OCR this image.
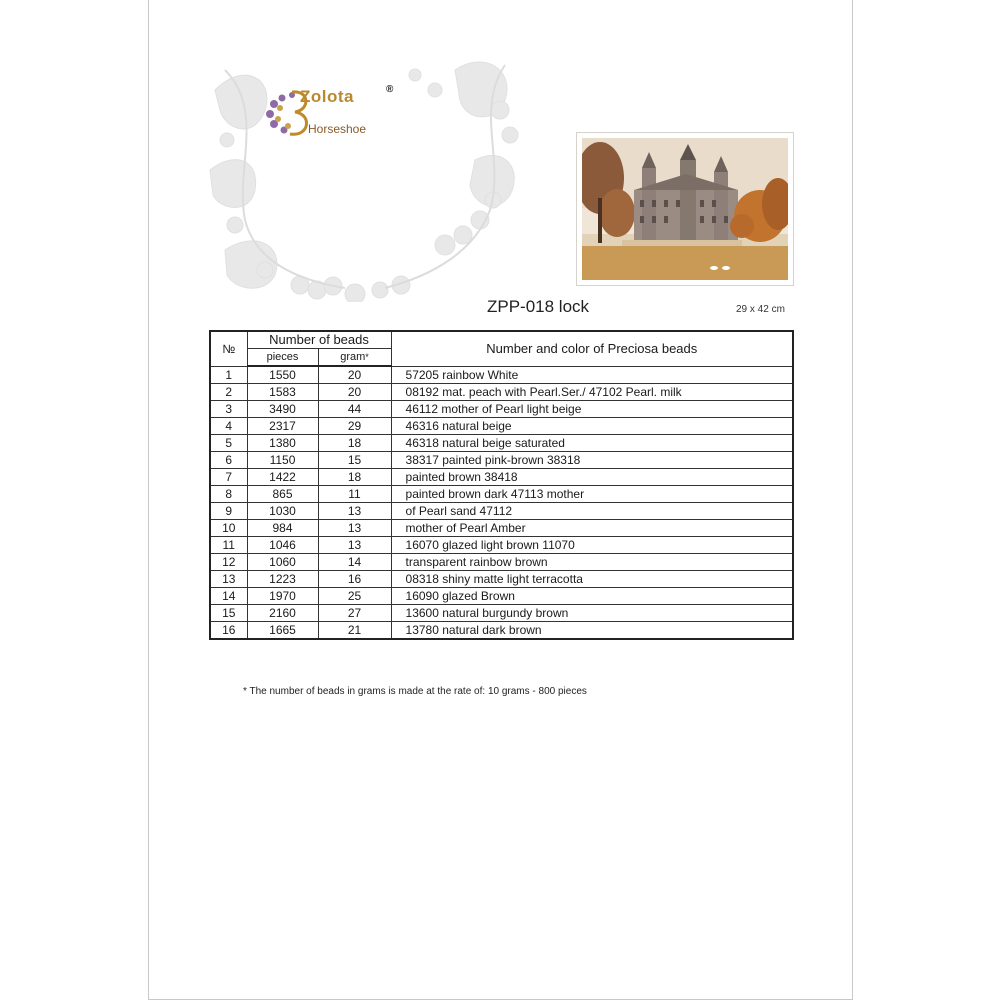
Zolota	®
Horseshoe
ZPP-018 lock	29 x 42 cm
№	Number of beads		Number and color of Preciosa beads
	pieces	gram*
1	1550	20	57205 rainbow White
2	1583	20	08192 mat. peach with Pearl.Ser./ 47102 Pearl. milk
3	3490	44	46112 mother of Pearl light beige
4	2317	29	46316 natural beige
5	1380	18	46318 natural beige saturated
6	1150	15	38317 painted pink-brown 38318
7	1422	18	painted brown 38418
8	865	11	painted brown dark 47113 mother
9	1030	13	of Pearl sand 47112
10	984	13	mother of Pearl Amber
11	1046	13	16070 glazed light brown 11070
12	1060	14	transparent rainbow brown
13	1223	16	08318 shiny matte light terracotta
14	1970	25	16090 glazed Brown
15	2160	27	13600 natural burgundy brown
16	1665	21	13780 natural dark brown
* The number of beads in grams is made at the rate of: 10 grams - 800 pieces
